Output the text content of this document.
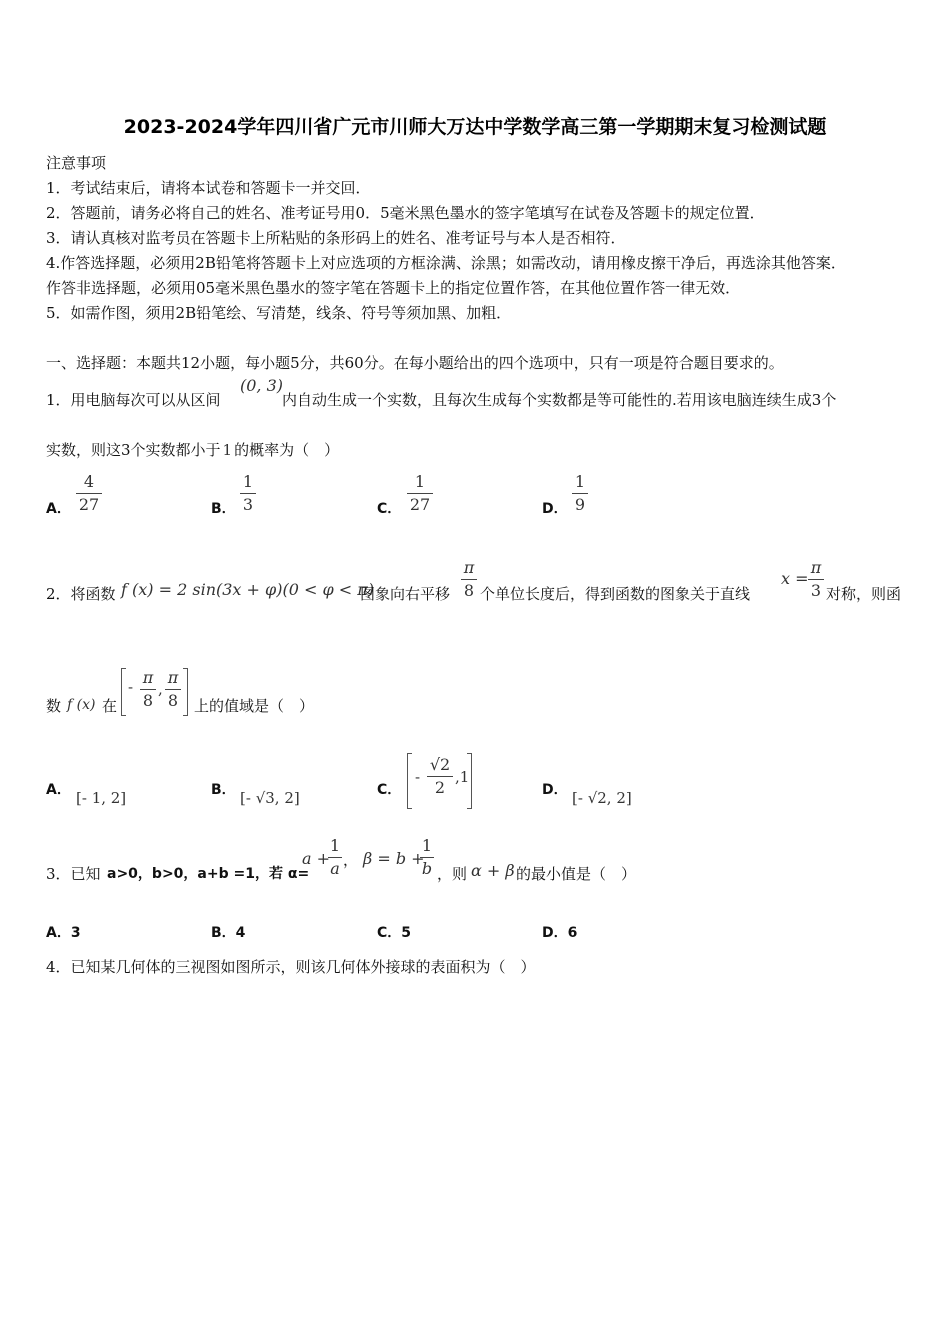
2023-2024学年四川省广元市川师大万达中学数学高三第一学期期末复习检测试题
注意事项
1．考试结束后，请将本试卷和答题卡一并交回．
2．答题前，请务必将自己的姓名、准考证号用0．5毫米黑色墨水的签字笔填写在试卷及答题卡的规定位置．
3．请认真核对监考员在答题卡上所粘贴的条形码上的姓名、准考证号与本人是否相符．
4.作答选择题，必须用2B铅笔将答题卡上对应选项的方框涂满、涂黑；如需改动，请用橡皮擦干净后，再选涂其他答案．
作答非选择题，必须用05毫米黑色墨水的签字笔在答题卡上的指定位置作答，在其他位置作答一律无效．
5．如需作图，须用2B铅笔绘、写清楚，线条、符号等须加黑、加粗．
一、选择题：本题共12小题，每小题5分，共60分。在每小题给出的四个选项中，只有一项是符合题目要求的。
1．用电脑每次可以从区间
(0, 3)
内自动生成一个实数，且每次生成每个实数都是等可能性的.若用该电脑连续生成3个
实数，则这3个实数都小于 1 的概率为（　）
A．
4
27	B．
1
3	C．
1
27	D．
1
9
2．将函数 f (x) = 2 sin(3x + φ)(0 < φ < π)
图象向右平移
π
8 个单位长度后，得到函数的图象关于直线
x =
π
3 对称，则函
数 f (x) 在
- π
8
,
π
8 上的值域是（　）
A． [- 1, 2]	B． [- √3, 2]	C．
-
√2
2
,1
D． [- √2, 2]
3．已知 a>0，b>0，a+b =1，若 α=
a +
1
a ， β = b +
1
b ，则 α + β 的最小值是（　）
A．3	B．4	C．5	D．6
4．已知某几何体的三视图如图所示，则该几何体外接球的表面积为（　）
